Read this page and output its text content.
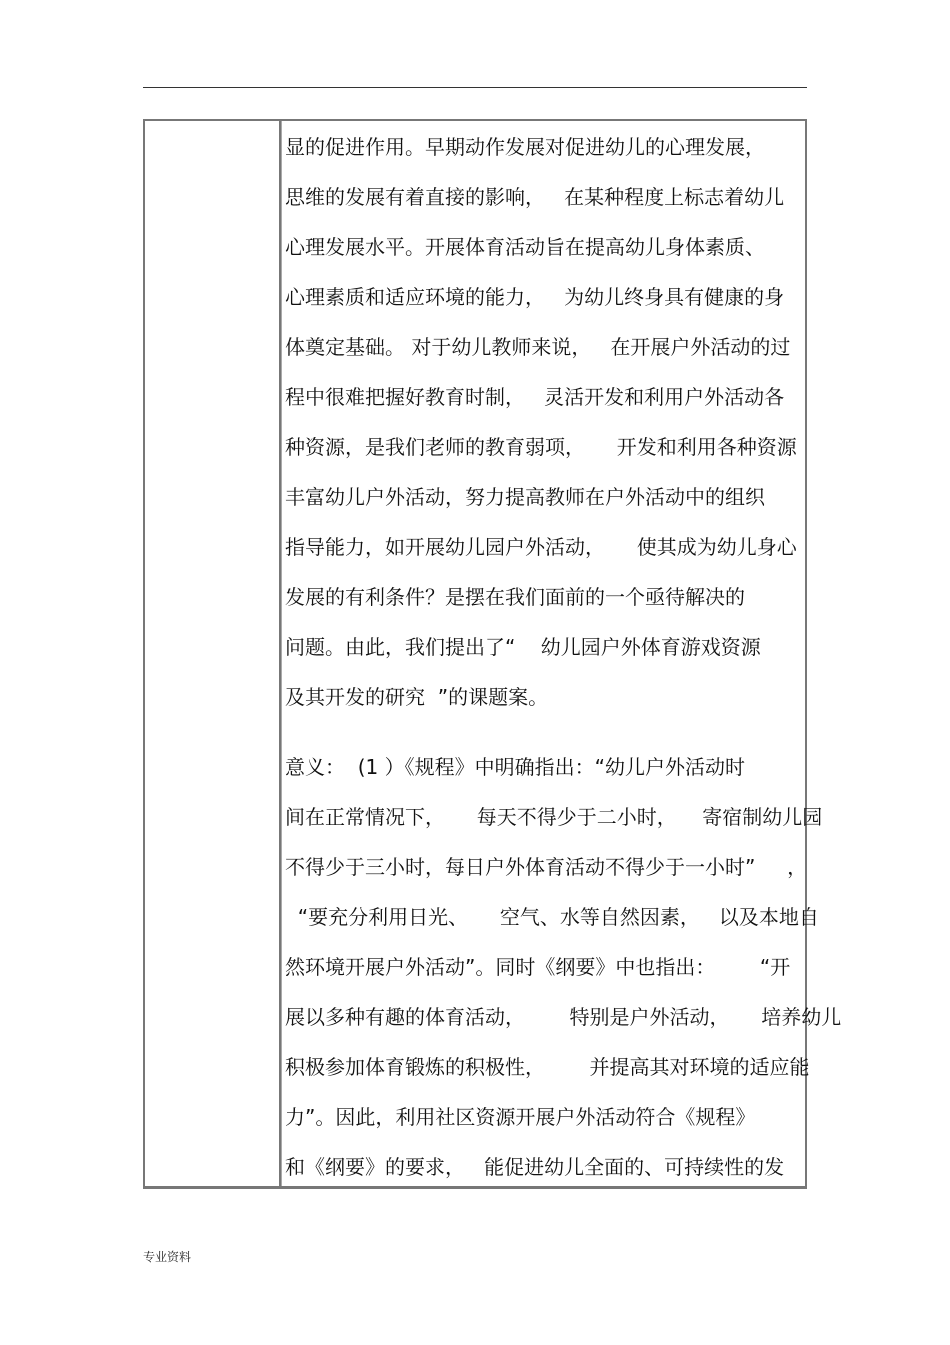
显的促进作用。早期动作发展对促进幼儿的心理发展，
思维的发展有着直接的影响，   在某种程度上标志着幼儿
心理发展水平。开展体育活动旨在提高幼儿身体素质、
心理素质和适应环境的能力，   为幼儿终身具有健康的身
体奠定基础。 对于幼儿教师来说，   在开展户外活动的过
程中很难把握好教育时制，   灵活开发和利用户外活动各
种资源，是我们老师的教育弱项，     开发和利用各种资源
丰富幼儿户外活动，努力提高教师在户外活动中的组织
指导能力，如开展幼儿园户外活动，     使其成为幼儿身心
发展的有利条件？是摆在我们面前的一个亟待解决的
问题。由此，我们提出了“    幼儿园户外体育游戏资源
及其开发的研究  ”的课题案。

意义：  (1 ）《规程》中明确指出：“幼儿户外活动时
间在正常情况下，     每天不得少于二小时，    寄宿制幼儿园
不得少于三小时，每日户外体育活动不得少于一小时”     ，
“要充分利用日光、     空气、水等自然因素，   以及本地自
然环境开展户外活动”。同时《纲要》中也指出：       “开
展以多种有趣的体育活动，       特别是户外活动，     培养幼儿
积极参加体育锻炼的积极性，       并提高其对环境的适应能
力”。因此，利用社区资源开展户外活动符合《规程》
和《纲要》的要求，   能促进幼儿全面的、可持续性的发

专业资料
